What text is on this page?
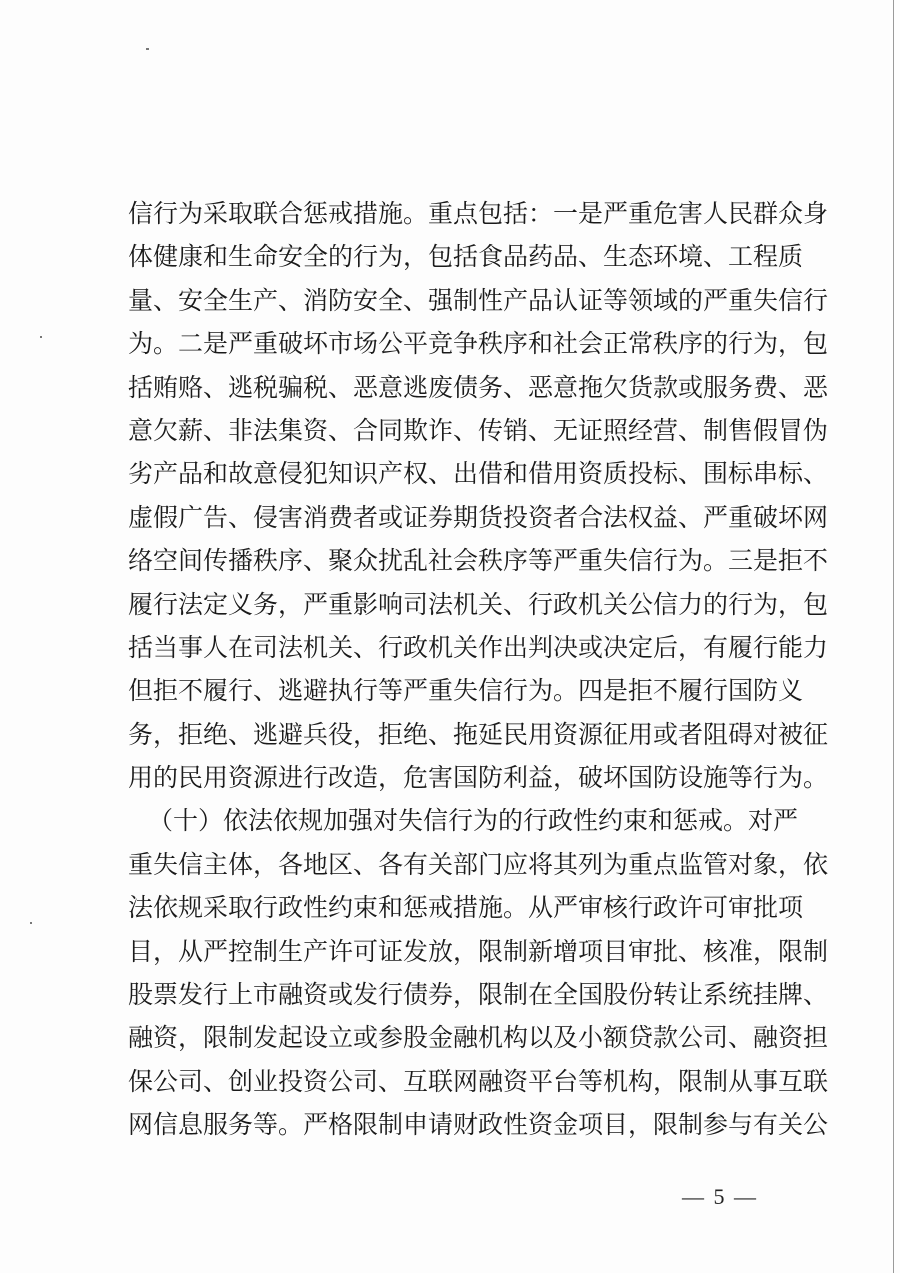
信行为采取联合惩戒措施。重点包括：一是严重危害人民群众身
体健康和生命安全的行为，包括食品药品、生态环境、工程质
量、安全生产、消防安全、强制性产品认证等领域的严重失信行
为。二是严重破坏市场公平竞争秩序和社会正常秩序的行为，包
括贿赂、逃税骗税、恶意逃废债务、恶意拖欠货款或服务费、恶
意欠薪、非法集资、合同欺诈、传销、无证照经营、制售假冒伪
劣产品和故意侵犯知识产权、出借和借用资质投标、围标串标、
虚假广告、侵害消费者或证券期货投资者合法权益、严重破坏网
络空间传播秩序、聚众扰乱社会秩序等严重失信行为。三是拒不
履行法定义务，严重影响司法机关、行政机关公信力的行为，包
括当事人在司法机关、行政机关作出判决或决定后，有履行能力
但拒不履行、逃避执行等严重失信行为。四是拒不履行国防义
务，拒绝、逃避兵役，拒绝、拖延民用资源征用或者阻碍对被征
用的民用资源进行改造，危害国防利益，破坏国防设施等行为。
（十）依法依规加强对失信行为的行政性约束和惩戒。对严
重失信主体，各地区、各有关部门应将其列为重点监管对象，依
法依规采取行政性约束和惩戒措施。从严审核行政许可审批项
目，从严控制生产许可证发放，限制新增项目审批、核准，限制
股票发行上市融资或发行债券，限制在全国股份转让系统挂牌、
融资，限制发起设立或参股金融机构以及小额贷款公司、融资担
保公司、创业投资公司、互联网融资平台等机构，限制从事互联
网信息服务等。严格限制申请财政性资金项目，限制参与有关公
— 5 —
